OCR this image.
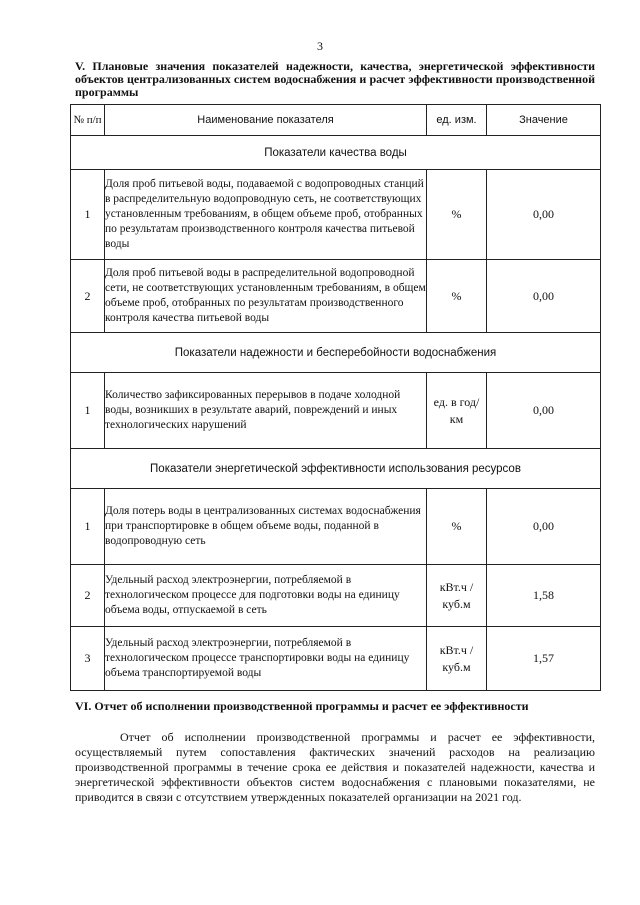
3
V. Плановые значения показателей надежности, качества, энергетической эффективности объектов централизованных систем водоснабжения и расчет эффективности производственной программы
№ п/п	Наименование показателя	ед. изм.	Значение
Показатели качества воды			
1	Доля проб питьевой воды, подаваемой с водопроводных станций в распределительную водопроводную сеть, не соответствующих установленным требованиям, в общем объеме проб, отобранных по результатам производственного контроля качества питьевой воды	%	0,00
2	Доля проб питьевой воды в распределительной водопроводной сети, не соответствующих установленным требованиям, в общем объеме проб, отобранных по результатам производственного контроля качества питьевой воды	%	0,00
Показатели надежности и бесперебойности водоснабжения			
1	Количество зафиксированных перерывов в подаче холодной воды, возникших в результате аварий, повреждений и иных технологических нарушений	ед. в год/ км	0,00
Показатели энергетической эффективности использования ресурсов			
1	Доля потерь воды в централизованных системах водоснабжения при транспортировке в общем объеме воды, поданной в водопроводную сеть	%	0,00
2	Удельный расход электроэнергии, потребляемой в технологическом процессе для подготовки воды на единицу объема воды, отпускаемой в сеть	кВт.ч / куб.м	1,58
3	Удельный расход электроэнергии, потребляемой в технологическом процессе транспортировки воды на единицу объема транспортируемой воды	кВт.ч / куб.м	1,57
VI. Отчет об исполнении производственной программы и расчет ее эффективности
Отчет об исполнении производственной программы и расчет ее эффективности, осуществляемый путем сопоставления фактических значений расходов на реализацию производственной программы в течение срока ее действия и показателей надежности, качества и энергетической эффективности объектов систем водоснабжения с плановыми показателями, не приводится в связи с отсутствием утвержденных показателей организации на 2021 год.
